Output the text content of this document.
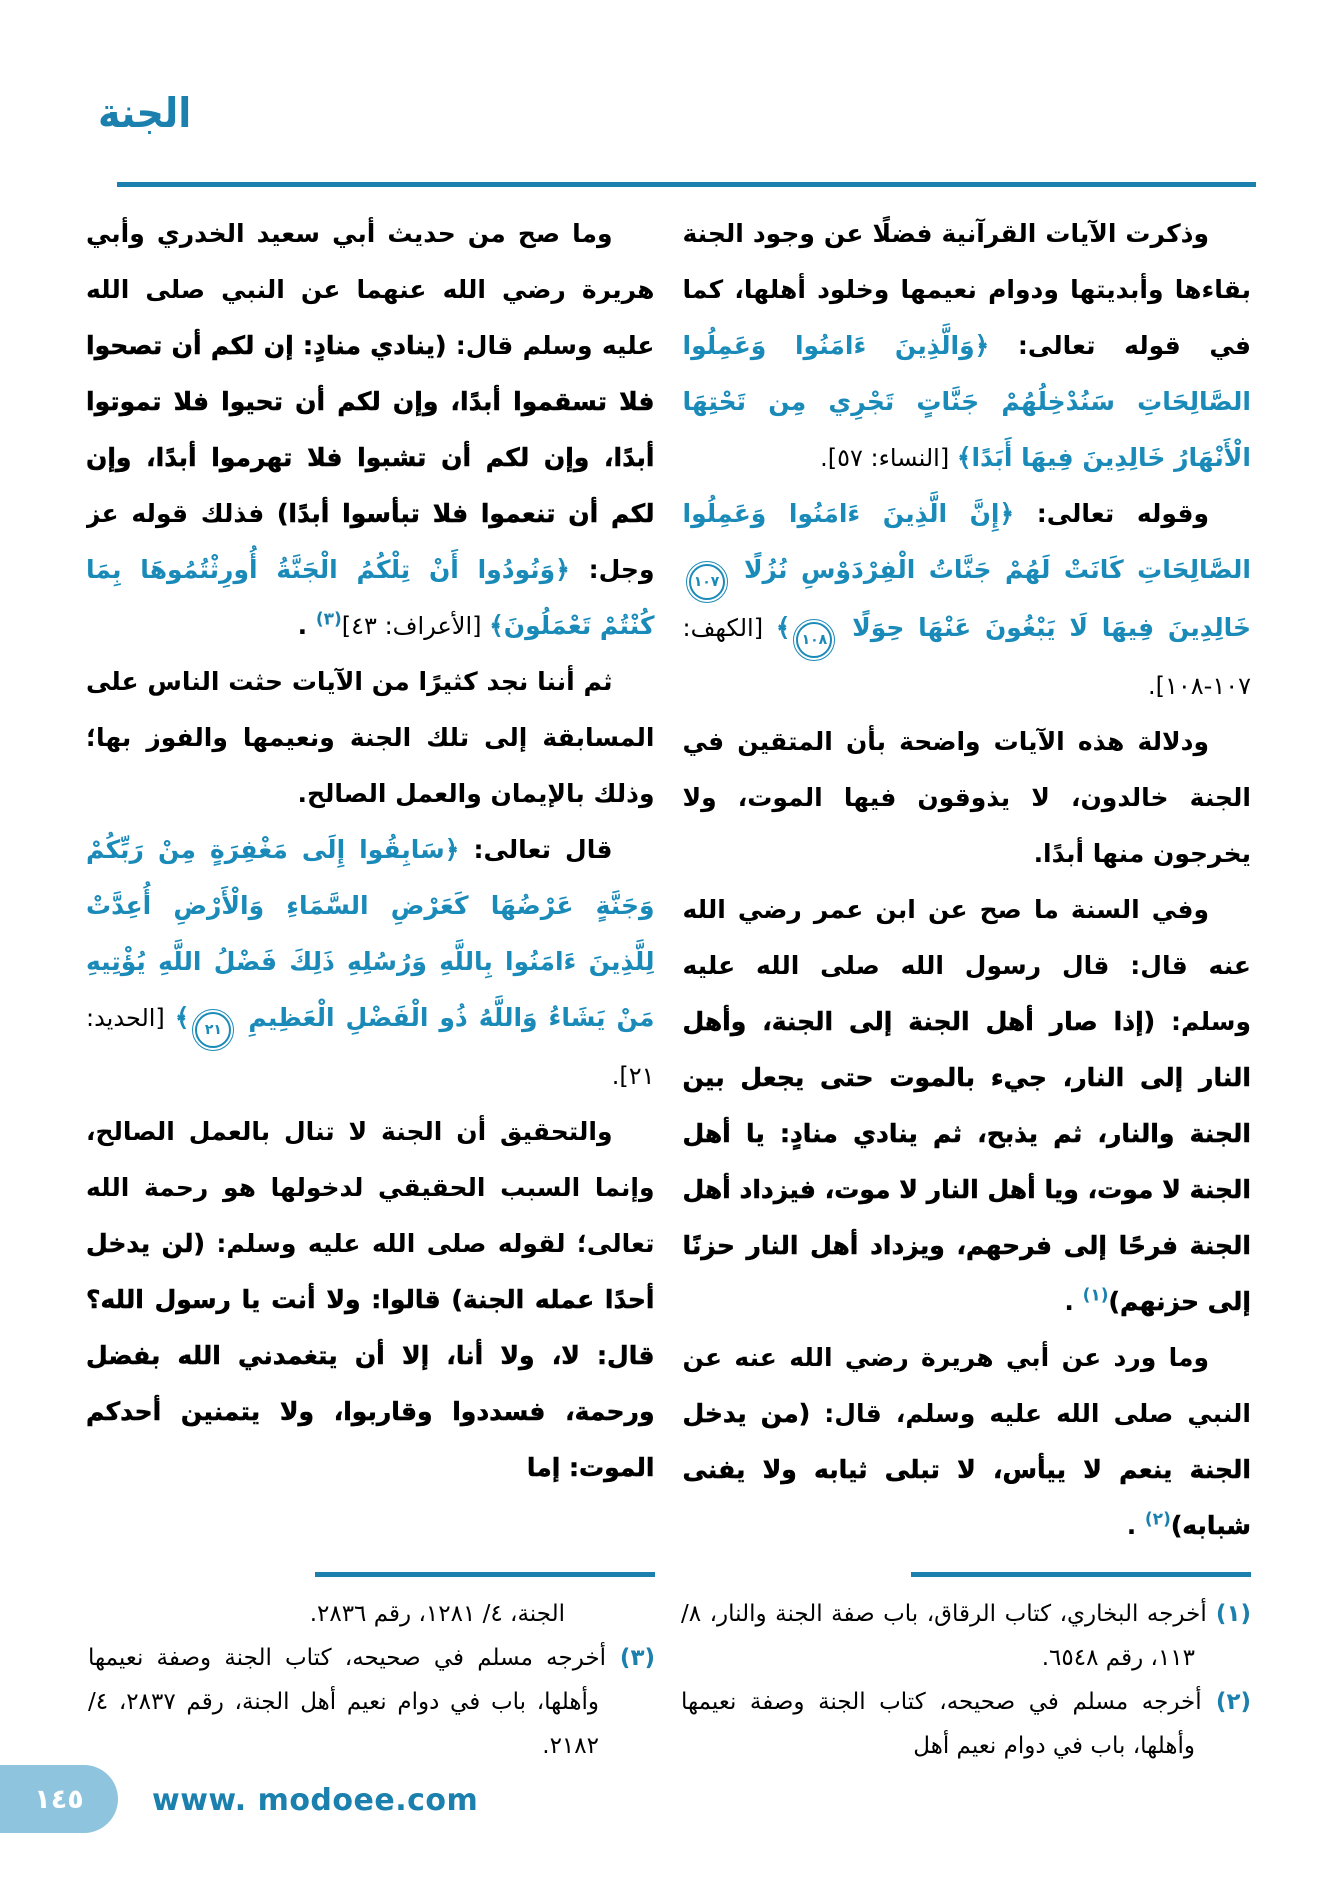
الجنة
وذكرت الآيات القرآنية فضلًا عن وجود الجنة بقاءها وأبديتها ودوام نعيمها وخلود أهلها، كما في قوله تعالى: ﴿وَالَّذِينَ ءَامَنُوا وَعَمِلُوا الصَّالِحَاتِ سَنُدْخِلُهُمْ جَنَّاتٍ تَجْرِي مِن تَحْتِهَا الْأَنْهَارُ خَالِدِينَ فِيهَا أَبَدًا﴾ [النساء: ٥٧].
وقوله تعالى: ﴿إِنَّ الَّذِينَ ءَامَنُوا وَعَمِلُوا الصَّالِحَاتِ كَانَتْ لَهُمْ جَنَّاتُ الْفِرْدَوْسِ نُزُلًا ١٠٧ خَالِدِينَ فِيهَا لَا يَبْغُونَ عَنْهَا حِوَلًا ١٠٨﴾ [الكهف: ١٠٧-١٠٨].
ودلالة هذه الآيات واضحة بأن المتقين في الجنة خالدون، لا يذوقون فيها الموت، ولا يخرجون منها أبدًا.
وفي السنة ما صح عن ابن عمر رضي الله عنه قال: قال رسول الله صلى الله عليه وسلم: (إذا صار أهل الجنة إلى الجنة، وأهل النار إلى النار، جيء بالموت حتى يجعل بين الجنة والنار، ثم يذبح، ثم ينادي منادٍ: يا أهل الجنة لا موت، ويا أهل النار لا موت، فيزداد أهل الجنة فرحًا إلى فرحهم، ويزداد أهل النار حزنًا إلى حزنهم)$^{(١)}$ .
وما ورد عن أبي هريرة رضي الله عنه عن النبي صلى الله عليه وسلم، قال: (من يدخل الجنة ينعم لا ييأس، لا تبلى ثيابه ولا يفنى شبابه)$^{(٢)}$ .
وما صح من حديث أبي سعيد الخدري وأبي هريرة رضي الله عنهما عن النبي صلى الله عليه وسلم قال: (ينادي منادٍ: إن لكم أن تصحوا فلا تسقموا أبدًا، وإن لكم أن تحيوا فلا تموتوا أبدًا، وإن لكم أن تشبوا فلا تهرموا أبدًا، وإن لكم أن تنعموا فلا تبأسوا أبدًا) فذلك قوله عز وجل: ﴿وَنُودُوا أَنْ تِلْكُمُ الْجَنَّةُ أُورِثْتُمُوهَا بِمَا كُنْتُمْ تَعْمَلُونَ﴾ [الأعراف: ٤٣]$^{(٣)}$ .
ثم أننا نجد كثيرًا من الآيات حثت الناس على المسابقة إلى تلك الجنة ونعيمها والفوز بها؛ وذلك بالإيمان والعمل الصالح.
قال تعالى: ﴿سَابِقُوا إِلَى مَغْفِرَةٍ مِنْ رَبِّكُمْ وَجَنَّةٍ عَرْضُهَا كَعَرْضِ السَّمَاءِ وَالْأَرْضِ أُعِدَّتْ لِلَّذِينَ ءَامَنُوا بِاللَّهِ وَرُسُلِهِ ذَلِكَ فَضْلُ اللَّهِ يُؤْتِيهِ مَنْ يَشَاءُ وَاللَّهُ ذُو الْفَضْلِ الْعَظِيمِ ٢١﴾ [الحديد: ٢١].
والتحقيق أن الجنة لا تنال بالعمل الصالح، وإنما السبب الحقيقي لدخولها هو رحمة الله تعالى؛ لقوله صلى الله عليه وسلم: (لن يدخل أحدًا عمله الجنة) قالوا: ولا أنت يا رسول الله؟ قال: لا، ولا أنا، إلا أن يتغمدني الله بفضل ورحمة، فسددوا وقاربوا، ولا يتمنين أحدكم الموت: إما
(١) أخرجه البخاري، كتاب الرقاق، باب صفة الجنة والنار، ٨/ ١١٣، رقم ٦٥٤٨.
(٢) أخرجه مسلم في صحيحه، كتاب الجنة وصفة نعيمها وأهلها، باب في دوام نعيم أهل
الجنة، ٤/ ١٢٨١، رقم ٢٨٣٦.
(٣) أخرجه مسلم في صحيحه، كتاب الجنة وصفة نعيمها وأهلها، باب في دوام نعيم أهل الجنة، رقم ٢٨٣٧، ٤/ ٢١٨٢.
١٤٥ www. modoee.com
